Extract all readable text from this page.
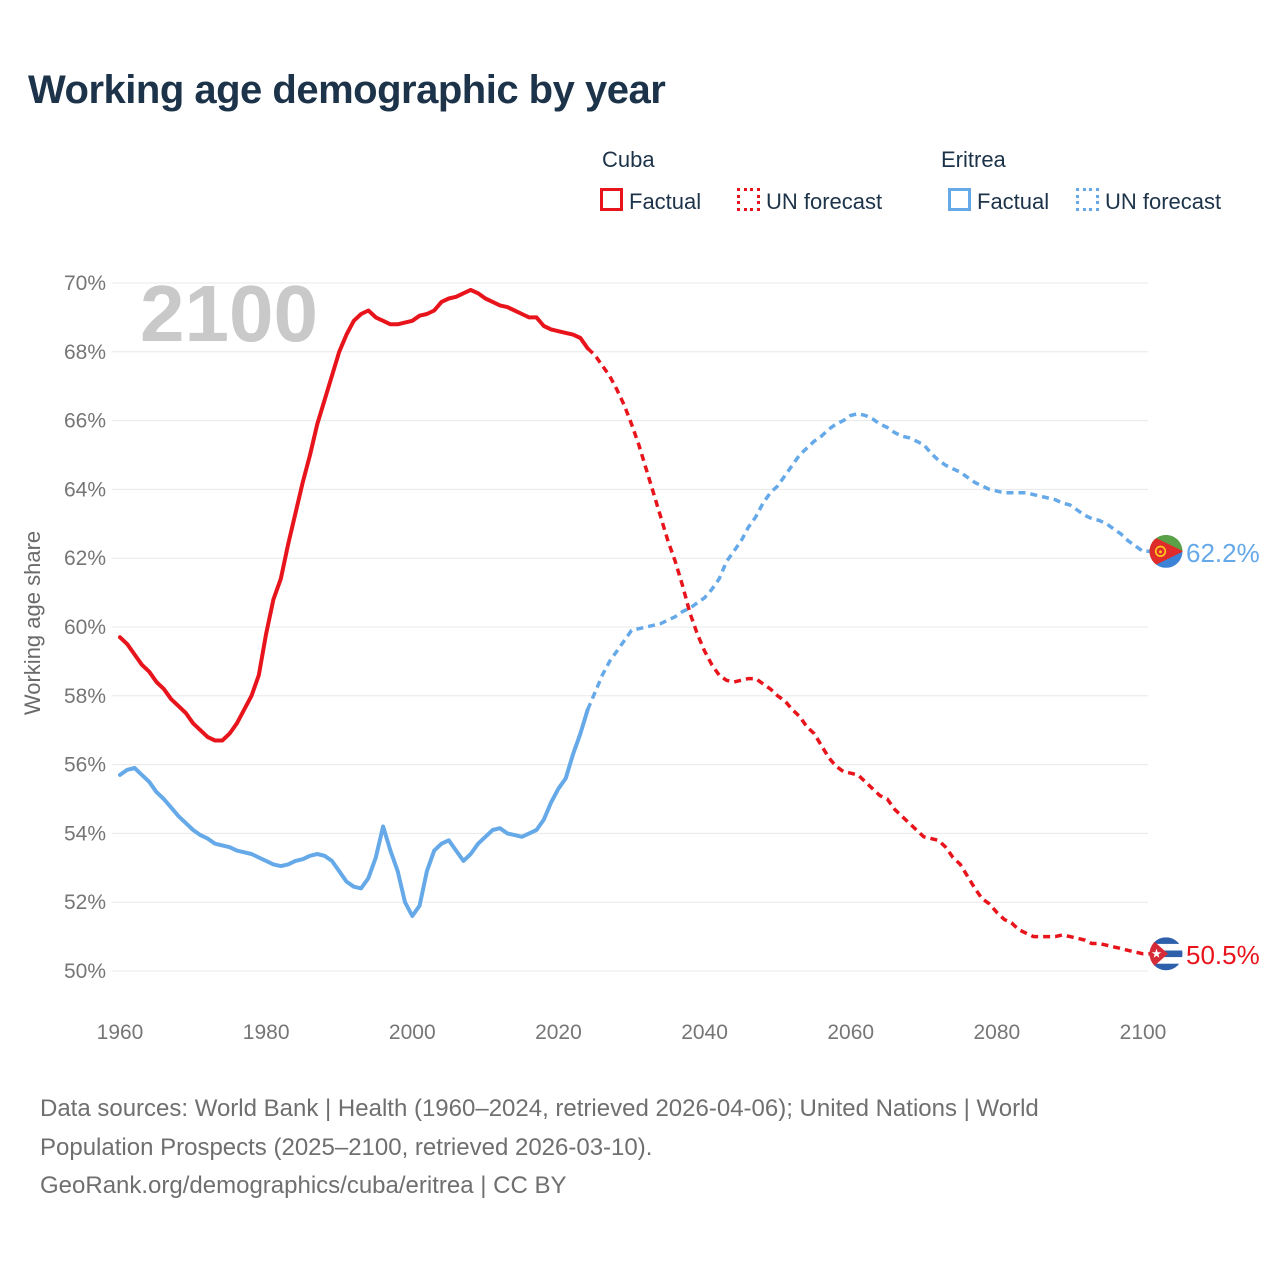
Working age demographic by year
Cuba
Factual	UN forecast
Eritrea
Factual	UN forecast
2100
Working age share
70%
68%
66%
64%
62%
60%
58%
56%
54%
52%
50%
1960	1980	2000	2020	2040	2060	2080	2100
62.2%
50.5%
Data sources: World Bank | Health (1960–2024, retrieved 2026-04-06); United Nations | World
Population Prospects (2025–2100, retrieved 2026-03-10).
GeoRank.org/demographics/cuba/eritrea | CC BY
